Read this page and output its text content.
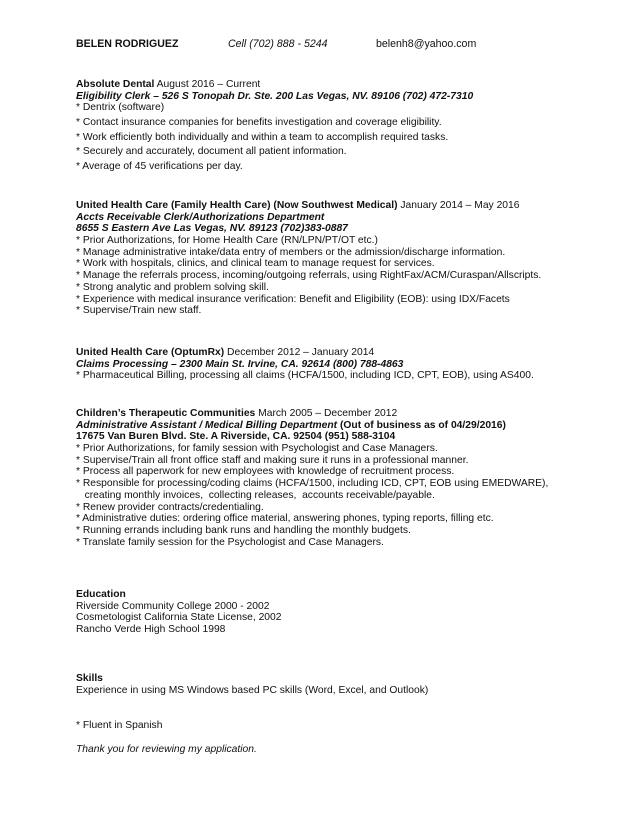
BELEN RODRIGUEZ	Cell (702) 888 - 5244	belenh8@yahoo.com
Absolute Dental August 2016 – Current
Eligibility Clerk – 526 S Tonopah Dr. Ste. 200 Las Vegas, NV. 89106 (702) 472-7310
* Dentrix (software)
* Contact insurance companies for benefits investigation and coverage eligibility.
* Work efficiently both individually and within a team to accomplish required tasks.
* Securely and accurately, document all patient information.
* Average of 45 verifications per day.
United Health Care (Family Health Care) (Now Southwest Medical) January 2014 – May 2016
Accts Receivable Clerk/Authorizations Department
8655 S Eastern Ave Las Vegas, NV. 89123 (702)383-0887
* Prior Authorizations, for Home Health Care (RN/LPN/PT/OT etc.)
* Manage administrative intake/data entry of members or the admission/discharge information.
* Work with hospitals, clinics, and clinical team to manage request for services.
* Manage the referrals process, incoming/outgoing referrals, using RightFax/ACM/Curaspan/Allscripts.
* Strong analytic and problem solving skill.
* Experience with medical insurance verification: Benefit and Eligibility (EOB): using IDX/Facets
* Supervise/Train new staff.
United Health Care (OptumRx) December 2012 – January 2014
Claims Processing – 2300 Main St. Irvine, CA. 92614 (800) 788-4863
* Pharmaceutical Billing, processing all claims (HCFA/1500, including ICD, CPT, EOB), using AS400.
Children’s Therapeutic Communities March 2005 – December 2012
Administrative Assistant / Medical Billing Department (Out of business as of 04/29/2016)
17675 Van Buren Blvd. Ste. A Riverside, CA. 92504 (951) 588-3104
* Prior Authorizations, for family session with Psychologist and Case Managers.
* Supervise/Train all front office staff and making sure it runs in a professional manner.
* Process all paperwork for new employees with knowledge of recruitment process.
* Responsible for processing/coding claims (HCFA/1500, including ICD, CPT, EOB using EMEDWARE),
creating monthly invoices,  collecting releases,  accounts receivable/payable.
* Renew provider contracts/credentialing.
* Administrative duties: ordering office material, answering phones, typing reports, filling etc.
* Running errands including bank runs and handling the monthly budgets.
* Translate family session for the Psychologist and Case Managers.
Education
Riverside Community College 2000 - 2002
Cosmetologist California State License, 2002
Rancho Verde High School 1998
Skills
Experience in using MS Windows based PC skills (Word, Excel, and Outlook)
* Fluent in Spanish
Thank you for reviewing my application.
